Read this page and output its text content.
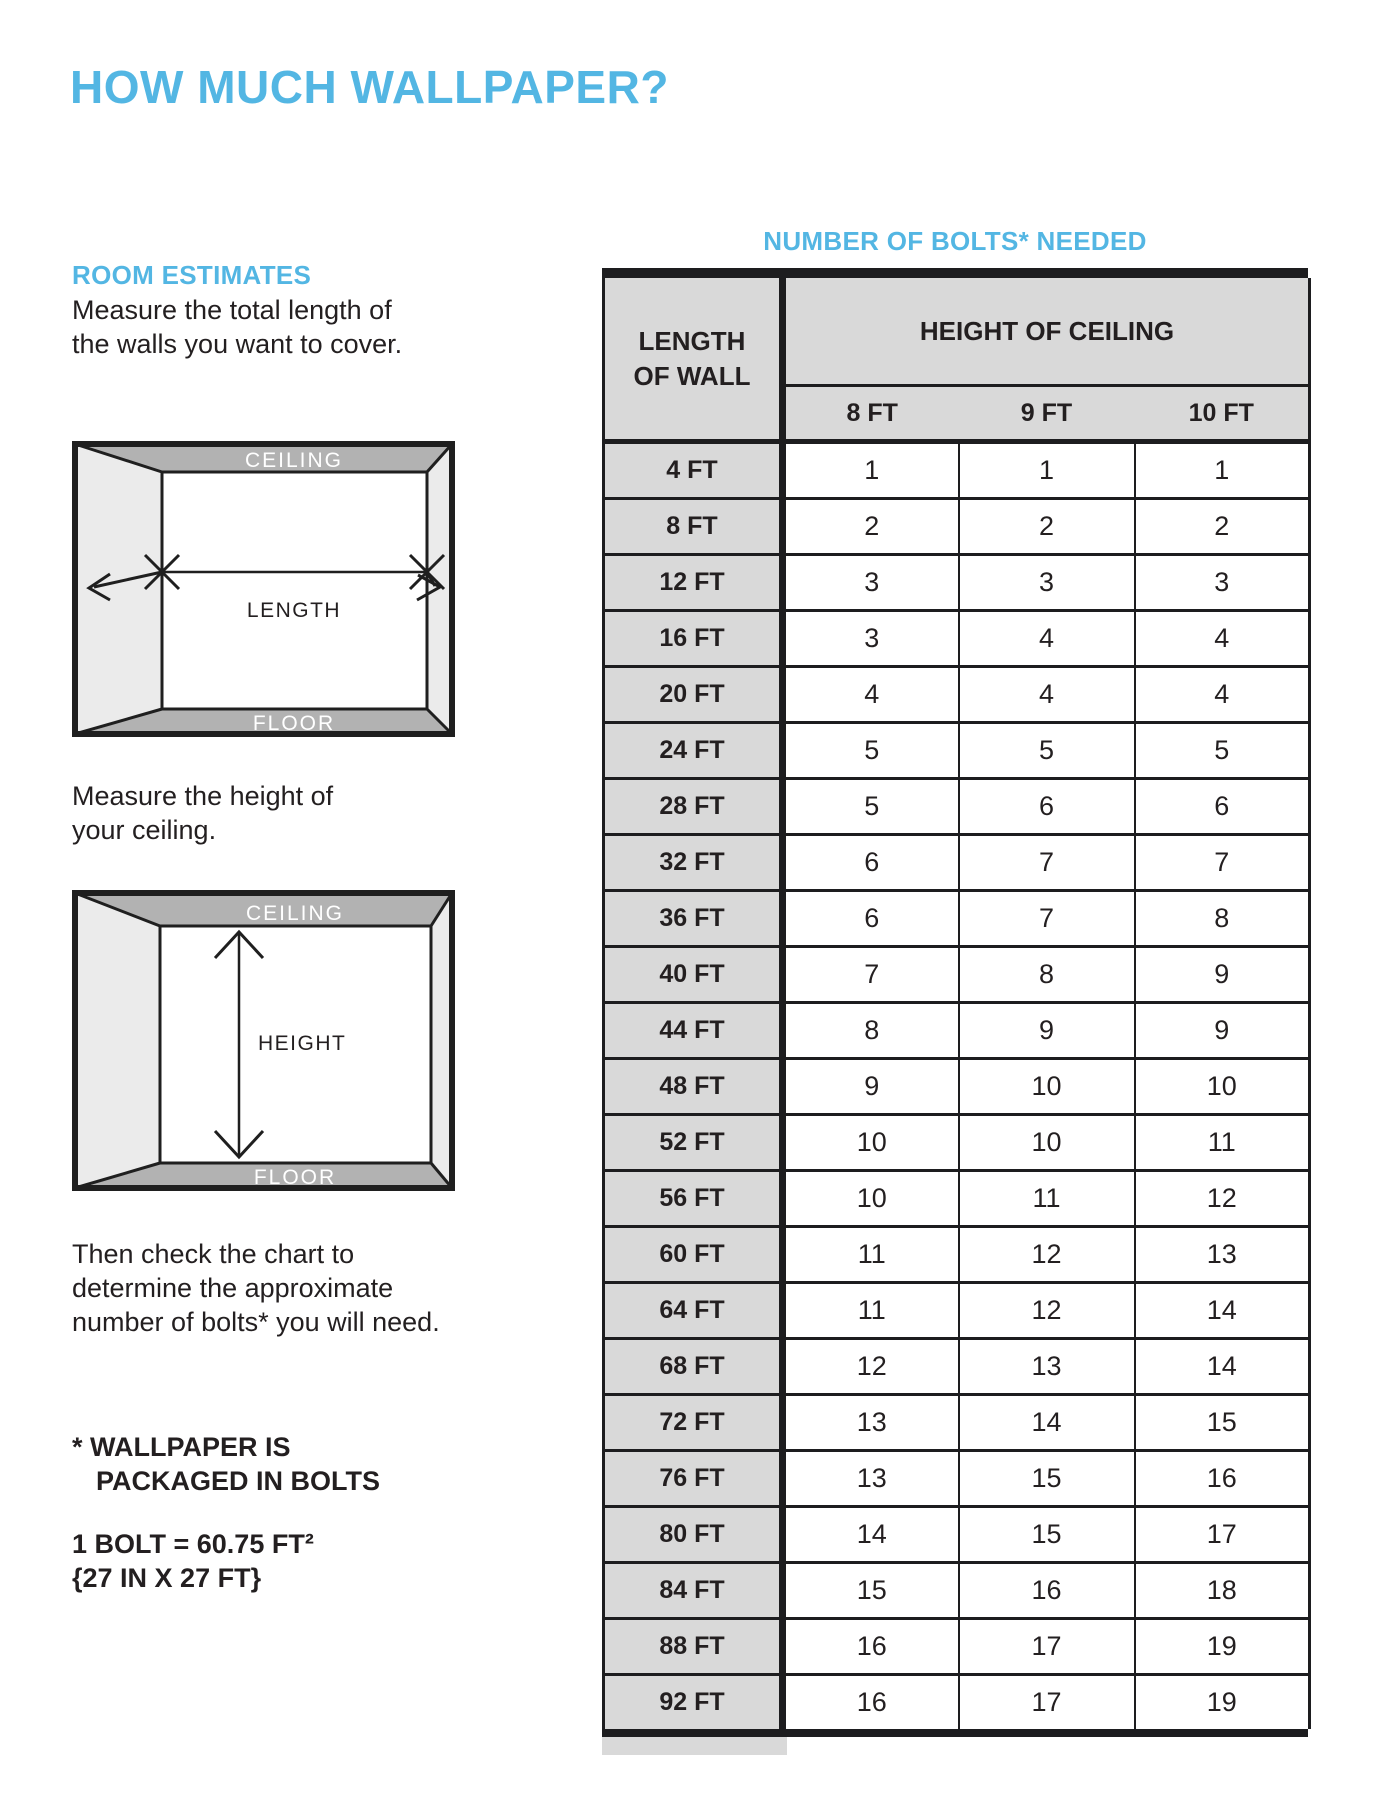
HOW MUCH WALLPAPER?
ROOM ESTIMATES
Measure the total length of
the walls you want to cover.
CEILING
FLOOR
LENGTH
Measure the height of
your ceiling.
CEILING
FLOOR
HEIGHT
Then check the chart to
determine the approximate
number of bolts* you will need.
* WALLPAPER IS
PACKAGED IN BOLTS
1 BOLT = 60.75 FT²
{27 IN X 27 FT}
NUMBER OF BOLTS* NEEDED
LENGTH
OF WALL	HEIGHT OF CEILING		
	8 FT	9 FT	10 FT
4 FT	1	1	1
8 FT	2	2	2
12 FT	3	3	3
16 FT	3	4	4
20 FT	4	4	4
24 FT	5	5	5
28 FT	5	6	6
32 FT	6	7	7
36 FT	6	7	8
40 FT	7	8	9
44 FT	8	9	9
48 FT	9	10	10
52 FT	10	10	11
56 FT	10	11	12
60 FT	11	12	13
64 FT	11	12	14
68 FT	12	13	14
72 FT	13	14	15
76 FT	13	15	16
80 FT	14	15	17
84 FT	15	16	18
88 FT	16	17	19
92 FT	16	17	19
